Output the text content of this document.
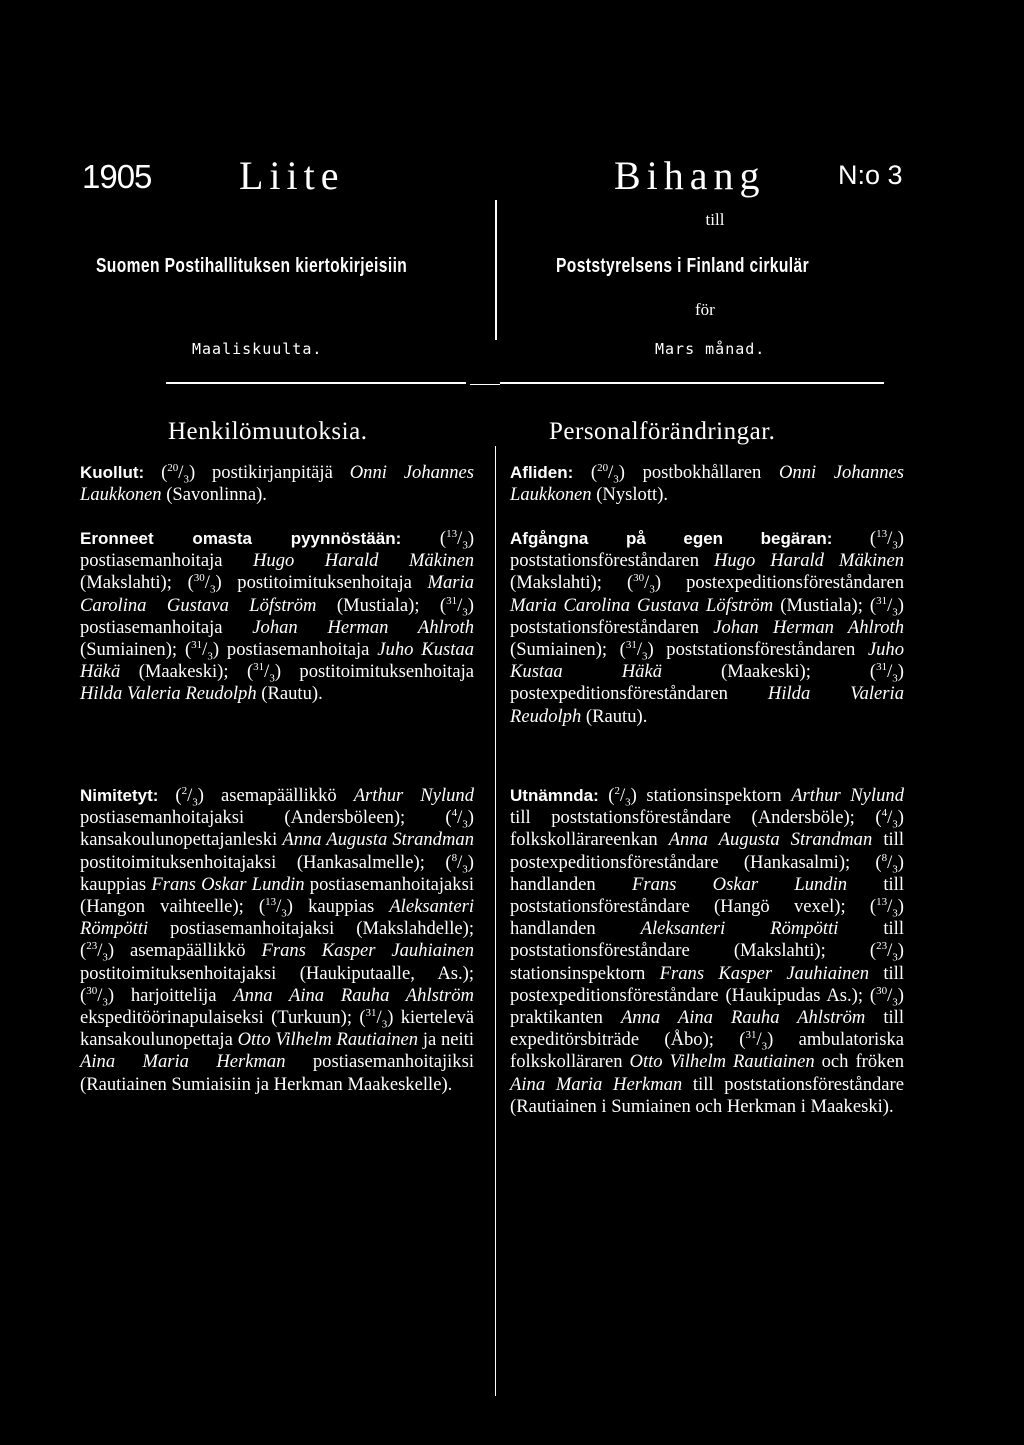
1905 Liite	Bihang	N:o 3
till
Suomen Postihallituksen kiertokirjeisiin	Poststyrelsens i Finland cirkulär
för
Maaliskuulta.	Mars månad.
Henkilömuutoksia.	Personalförändringar.

Kuollut: $(^{20}/_3)$ postikirjanpitäjä Onni Johannes Laukkonen (Savonlinna).

Eronneet omasta pyynnöstään: $(^{13}/_3)$ postiasemanhoitaja Hugo Harald Mäkinen (Makslahti); $(^{30}/_3)$ postitoimituksenhoitaja Maria Carolina Gustava Löfström (Mustiala); $(^{31}/_3)$ postiasemanhoitaja Johan Herman Ahlroth (Sumiainen); $(^{31}/_3)$ postiasemanhoitaja Juho Kustaa Häkä (Maakeski); $(^{31}/_3)$ postitoimituksenhoitaja Hilda Valeria Reudolph (Rautu).

Nimitetyt: $(^2/_3)$ asemapäällikkö Arthur Nylund postiasemanhoitajaksi (Andersböleen); $(^4/_3)$ kansakoulunopettajanleski Anna Augusta Strandman postitoimituksenhoitajaksi (Hankasalmelle); $(^8/_3)$ kauppias Frans Oskar Lundin postiasemanhoitajaksi (Hangon vaihteelle); $(^{13}/_3)$ kauppias Aleksanteri Römpötti postiasemanhoitajaksi (Makslahdelle); $(^{23}/_3)$ asemapäällikkö Frans Kasper Jauhiainen postitoimituksenhoitajaksi (Haukiputaalle, As.); $(^{30}/_3)$ harjoittelija Anna Aina Rauha Ahlström ekspeditöörinapulaiseksi (Turkuun); $(^{31}/_3)$ kiertelevä kansakoulunopettaja Otto Vilhelm Rautiainen ja neiti Aina Maria Herkman postiasemanhoitajiksi (Rautiainen Sumiaisiin ja Herkman Maakeskelle).

Afliden: $(^{20}/_3)$ postbokhållaren Onni Johannes Laukkonen (Nyslott).

Afgångna på egen begäran: $(^{13}/_3)$ poststationsföreståndaren Hugo Harald Mäkinen (Makslahti); $(^{30}/_3)$ postexpeditionsföreståndaren Maria Carolina Gustava Löfström (Mustiala); $(^{31}/_3)$ poststationsföreståndaren Johan Herman Ahlroth (Sumiainen); $(^{31}/_3)$ poststationsföreståndaren Juho Kustaa Häkä (Maakeski); $(^{31}/_3)$ postexpeditionsföreståndaren Hilda Valeria Reudolph (Rautu).

Utnämnda: $(^2/_3)$ stationsinspektorn Arthur Nylund till poststationsföreståndare (Andersböle); $(^4/_3)$ folkskollärareenkan Anna Augusta Strandman till postexpeditionsföreståndare (Hankasalmi); $(^8/_3)$ handlanden Frans Oskar Lundin till poststationsföreståndare (Hangö vexel); $(^{13}/_3)$ handlanden Aleksanteri Römpötti till poststationsföreståndare (Makslahti); $(^{23}/_3)$ stationsinspektorn Frans Kasper Jauhiainen till postexpeditionsföreståndare (Haukipudas As.); $(^{30}/_3)$ praktikanten Anna Aina Rauha Ahlström till expeditörsbiträde (Åbo); $(^{31}/_3)$ ambulatoriska folkskolläraren Otto Vilhelm Rautiainen och fröken Aina Maria Herkman till poststationsföreståndare (Rautiainen i Sumiainen och Herkman i Maakeski).
